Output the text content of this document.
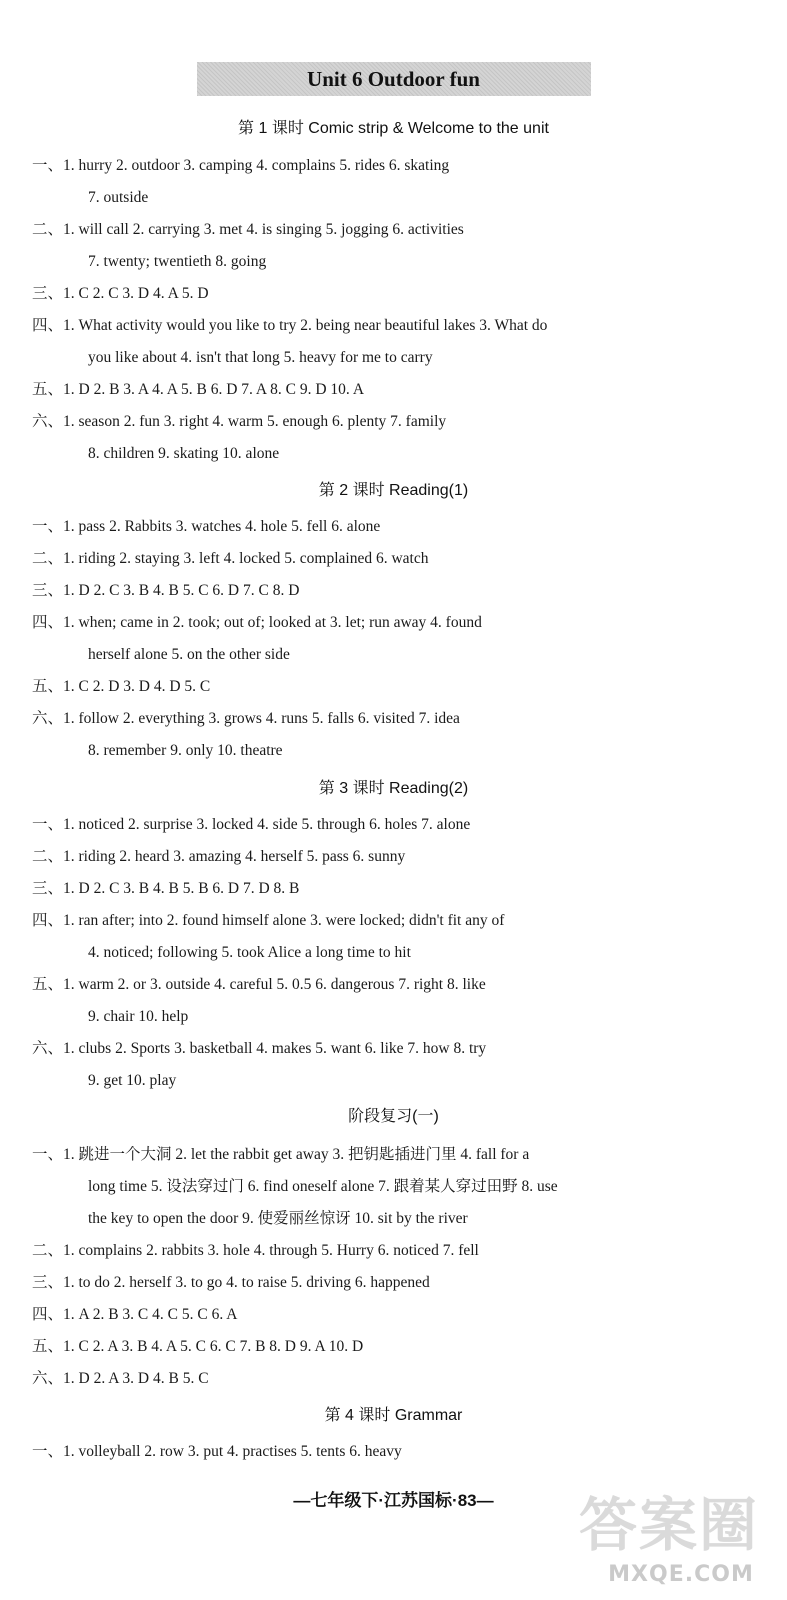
Unit 6 Outdoor fun
第 1 课时 Comic strip & Welcome to the unit
一、1. hurry 2. outdoor 3. camping 4. complains 5. rides 6. skating
7. outside
二、1. will call 2. carrying 3. met 4. is singing 5. jogging 6. activities
7. twenty; twentieth 8. going
三、1. C 2. C 3. D 4. A 5. D
四、1. What activity would you like to try 2. being near beautiful lakes 3. What do
you like about 4. isn't that long 5. heavy for me to carry
五、1. D 2. B 3. A 4. A 5. B 6. D 7. A 8. C 9. D 10. A
六、1. season 2. fun 3. right 4. warm 5. enough 6. plenty 7. family
8. children 9. skating 10. alone
第 2 课时 Reading(1)
一、1. pass 2. Rabbits 3. watches 4. hole 5. fell 6. alone
二、1. riding 2. staying 3. left 4. locked 5. complained 6. watch
三、1. D 2. C 3. B 4. B 5. C 6. D 7. C 8. D
四、1. when; came in 2. took; out of; looked at 3. let; run away 4. found
herself alone 5. on the other side
五、1. C 2. D 3. D 4. D 5. C
六、1. follow 2. everything 3. grows 4. runs 5. falls 6. visited 7. idea
8. remember 9. only 10. theatre
第 3 课时 Reading(2)
一、1. noticed 2. surprise 3. locked 4. side 5. through 6. holes 7. alone
二、1. riding 2. heard 3. amazing 4. herself 5. pass 6. sunny
三、1. D 2. C 3. B 4. B 5. B 6. D 7. D 8. B
四、1. ran after; into 2. found himself alone 3. were locked; didn't fit any of
4. noticed; following 5. took Alice a long time to hit
五、1. warm 2. or 3. outside 4. careful 5. 0.5 6. dangerous 7. right 8. like
9. chair 10. help
六、1. clubs 2. Sports 3. basketball 4. makes 5. want 6. like 7. how 8. try
9. get 10. play
阶段复习(一)
一、1. 跳进一个大洞 2. let the rabbit get away 3. 把钥匙插进门里 4. fall for a
long time 5. 设法穿过门 6. find oneself alone 7. 跟着某人穿过田野 8. use
the key to open the door 9. 使爱丽丝惊讶 10. sit by the river
二、1. complains 2. rabbits 3. hole 4. through 5. Hurry 6. noticed 7. fell
三、1. to do 2. herself 3. to go 4. to raise 5. driving 6. happened
四、1. A 2. B 3. C 4. C 5. C 6. A
五、1. C 2. A 3. B 4. A 5. C 6. C 7. B 8. D 9. A 10. D
六、1. D 2. A 3. D 4. B 5. C
第 4 课时 Grammar
一、1. volleyball 2. row 3. put 4. practises 5. tents 6. heavy
—七年级下·江苏国标·83—	答案圈
MXQE.COM
